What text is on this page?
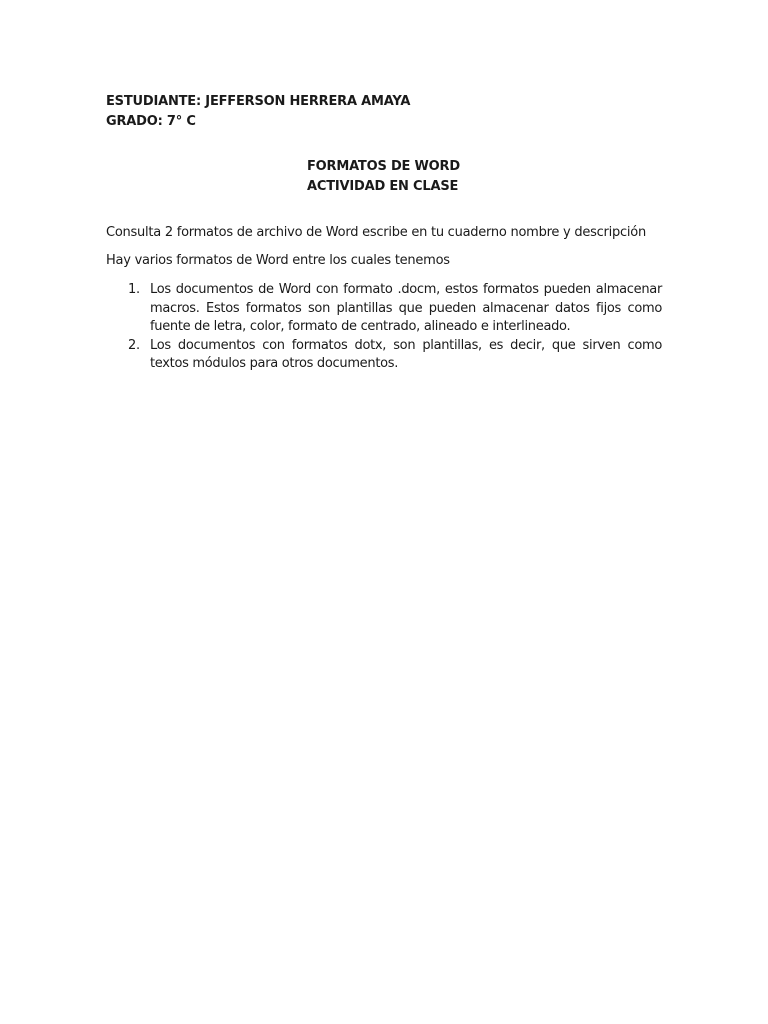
ESTUDIANTE: JEFFERSON HERRERA AMAYA
GRADO: 7° C
FORMATOS DE WORD
ACTIVIDAD EN CLASE
Consulta 2 formatos de archivo de Word escribe en tu cuaderno nombre y descripción
Hay varios formatos de Word entre los cuales tenemos
1. Los documentos de Word con formato .docm, estos formatos pueden almacenar macros. Estos formatos son plantillas que pueden almacenar datos fijos como fuente de letra, color, formato de centrado, alineado e interlineado.
2. Los documentos con formatos dotx, son plantillas, es decir, que sirven como textos módulos para otros documentos.
